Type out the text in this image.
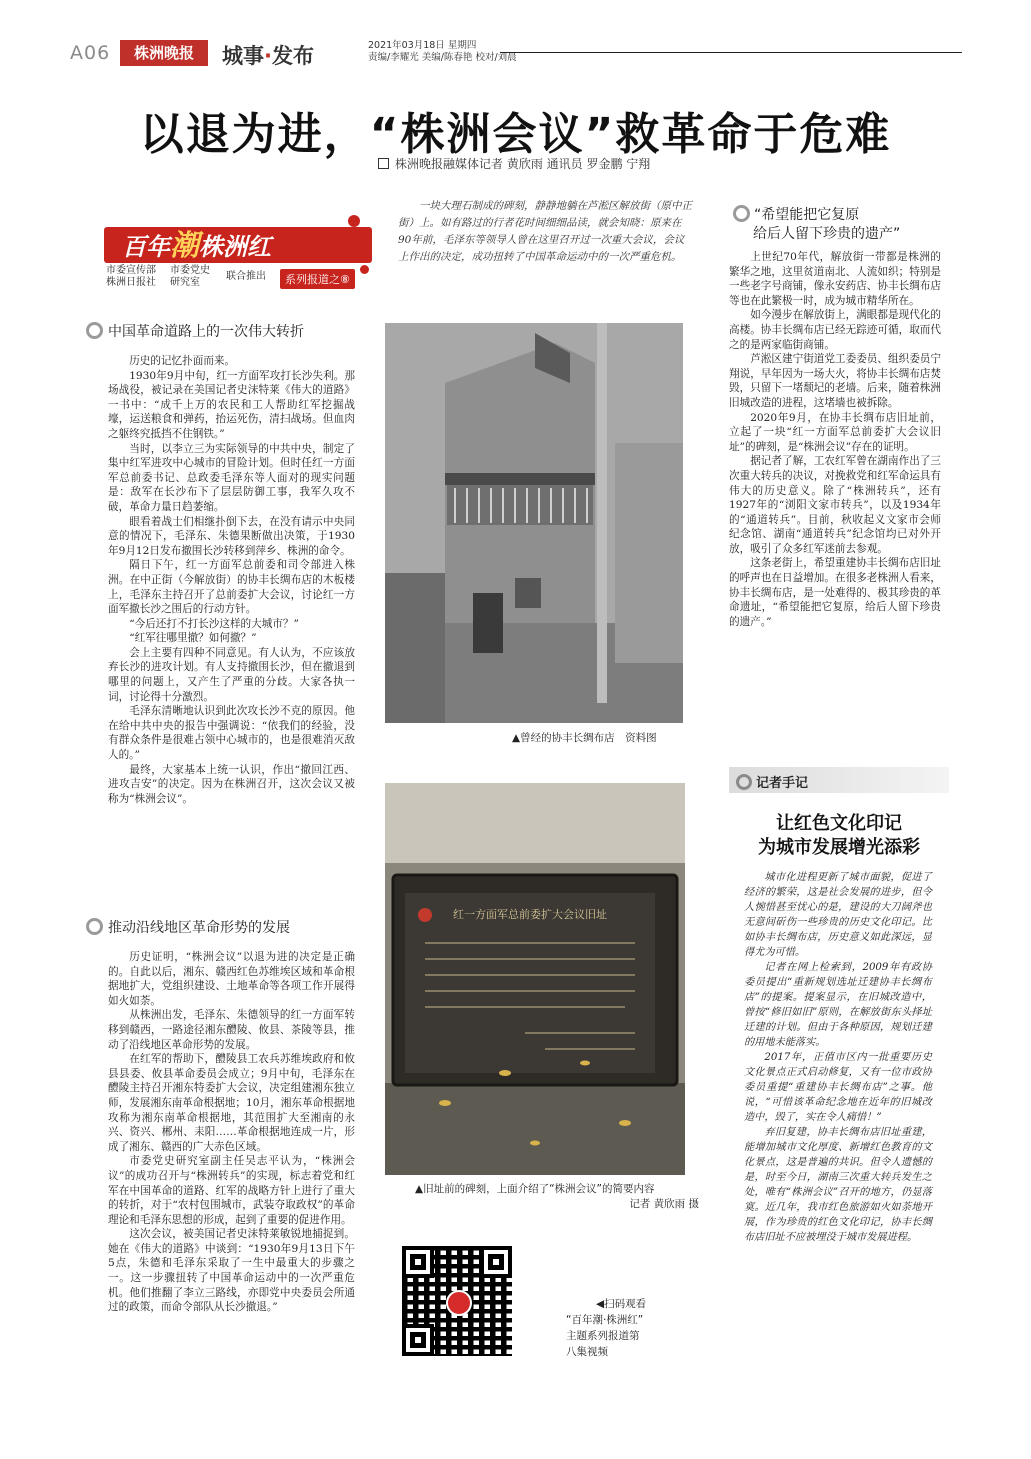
A06	株洲晚报	城事·发布	2021年03月18日 星期四
责编/李耀光 美编/陈春艳 校对/刘晨
以退为进，“株洲会议”救革命于危难
株洲晚报融媒体记者 黄欣雨 通讯员 罗金鹏 宁翔
百年潮株洲红
市委宣传部
株洲日报社
市委党史
研究室
联合推出	系列报道之⑧
一块大理石制成的碑刻，静静地躺在芦淞区解放街（原中正街）上。如有路过的行者花时间细细品读，就会知晓：原来在90年前，毛泽东等领导人曾在这里召开过一次重大会议，会议上作出的决定，成功扭转了中国革命运动中的一次严重危机。
中国革命道路上的一次伟大转折

历史的记忆扑面而来。

1930年9月中旬，红一方面军攻打长沙失利。那场战役，被记录在美国记者史沫特莱《伟大的道路》一书中：“成千上万的农民和工人帮助红军挖掘战壕，运送粮食和弹药，抬运死伤，清扫战场。但血肉之躯终究抵挡不住钢铁。”

当时，以李立三为实际领导的中共中央，制定了集中红军进攻中心城市的冒险计划。但时任红一方面军总前委书记、总政委毛泽东等人面对的现实问题是：敌军在长沙布下了层层防御工事，我军久攻不破，革命力量日趋萎缩。

眼看着战士们相继扑倒下去，在没有请示中央同意的情况下，毛泽东、朱德果断做出决策，于1930年9月12日发布撤围长沙转移到萍乡、株洲的命令。

隔日下午，红一方面军总前委和司令部进入株洲。在中正街（今解放街）的协丰长绸布店的木板楼上，毛泽东主持召开了总前委扩大会议，讨论红一方面军撤长沙之围后的行动方针。

“今后还打不打长沙这样的大城市？”

“红军往哪里撤？如何撤？”

会上主要有四种不同意见。有人认为，不应该放弃长沙的进攻计划。有人支持撤围长沙，但在撤退到哪里的问题上，又产生了严重的分歧。大家各执一词，讨论得十分激烈。

毛泽东清晰地认识到此次攻长沙不克的原因。他在给中共中央的报告中强调说：“依我们的经验，没有群众条件是很难占领中心城市的，也是很难消灭敌人的。”

最终，大家基本上统一认识，作出“撤回江西、进攻吉安”的决定。因为在株洲召开，这次会议又被称为“株洲会议”。

推动沿线地区革命形势的发展

历史证明，“株洲会议”以退为进的决定是正确的。自此以后，湘东、赣西红色苏维埃区域和革命根据地扩大，党组织建设、土地革命等各项工作开展得如火如荼。

从株洲出发，毛泽东、朱德领导的红一方面军转移到赣西，一路途径湘东醴陵、攸县、茶陵等县，推动了沿线地区革命形势的发展。

在红军的帮助下，醴陵县工农兵苏维埃政府和攸县县委、攸县革命委员会成立；9月中旬，毛泽东在醴陵主持召开湘东特委扩大会议，决定组建湘东独立师，发展湘东南革命根据地；10月，湘东革命根据地攻称为湘东南革命根据地，其范围扩大至湘南的永兴、资兴、郴州、耒阳……革命根据地连成一片，形成了湘东、赣西的广大赤色区域。

市委党史研究室副主任吴志平认为，“株洲会议”的成功召开与“株洲转兵”的实现，标志着党和红军在中国革命的道路、红军的战略方针上进行了重大的转折，对于“农村包围城市，武装夺取政权”的革命理论和毛泽东思想的形成，起到了重要的促进作用。

这次会议，被美国记者史沫特莱敏锐地捕捉到。她在《伟大的道路》中谈到：“1930年9月13日下午5点，朱德和毛泽东采取了一生中最重大的步骤之一。这一步骤扭转了中国革命运动中的一次严重危机。他们推翻了李立三路线，亦即党中央委员会所通过的政策，而命令部队从长沙撤退。”

▲曾经的协丰长绸布店　资料图
红一方面军总前委扩大会议旧址
▲旧址前的碑刻，上面介绍了“株洲会议”的简要内容
记者 黄欣雨 摄
◀扫码观看
“百年潮·株洲红”
主题系列报道第
八集视频
“希望能把它复原
给后人留下珍贵的遗产”

上世纪70年代，解放街一带都是株洲的繁华之地，这里贫道南北、人流如织；特别是一些老字号商铺，像永安药店、协丰长绸布店等也在此繁极一时，成为城市精华所在。

如今漫步在解放街上，满眼都是现代化的高楼。协丰长绸布店已经无踪迹可循，取而代之的是两家临街商铺。

芦淞区建宁街道党工委委员、组织委员宁翔说，早年因为一场大火，将协丰长绸布店焚毁，只留下一堵颓圮的老墙。后来，随着株洲旧城改造的进程，这堵墙也被拆除。

2020年9月，在协丰长绸布店旧址前，立起了一块“红一方面军总前委扩大会议旧址”的碑刻，是“株洲会议”存在的证明。

据记者了解，工农红军曾在湖南作出了三次重大转兵的决议，对挽救党和红军命运具有伟大的历史意义。除了“株洲转兵”，还有1927年的“浏阳文家市转兵”，以及1934年的“通道转兵”。目前，秋收起义文家市会师纪念馆、湖南“通道转兵”纪念馆均已对外开放，吸引了众多红军迷前去参观。

这条老街上，希望重建协丰长绸布店旧址的呼声也在日益增加。在很多老株洲人看来，协丰长绸布店，是一处难得的、极其珍贵的革命遗址，“希望能把它复原，给后人留下珍贵的遗产。”

记者手记
让红色文化印记
为城市发展增光添彩

城市化进程更新了城市面貌，促进了经济的繁荣，这是社会发展的进步，但令人惋惜甚至忧心的是，建设的大刀阔斧也无意间斫伤一些珍贵的历史文化印记。比如协丰长绸布店，历史意义如此深远，显得尤为可惜。

记者在网上检索到，2009年有政协委员提出“重新规划选址迁建协丰长绸布店”的提案。提案显示，在旧城改造中，曾按“修旧如旧”原则，在解放街东头择址迁建的计划。但由于各种原因，规划迁建的用地未能落实。

2017年，正值市区内一批重要历史文化景点正式启动修复，又有一位市政协委员重提“重建协丰长绸布店”之事。他说，“可惜该革命纪念地在近年的旧城改造中，毁了，实在令人痛惜！”

弃旧复建，协丰长绸布店旧址重建，能增加城市文化厚度、新增红色教育的文化景点，这是普遍的共识。但令人遗憾的是，时至今日，湖南三次重大转兵发生之处，唯有“株洲会议”召开的地方，仍显落寞。近几年，我市红色旅游如火如荼地开展，作为珍贵的红色文化印记，协丰长绸布店旧址不应被埋没于城市发展进程。
